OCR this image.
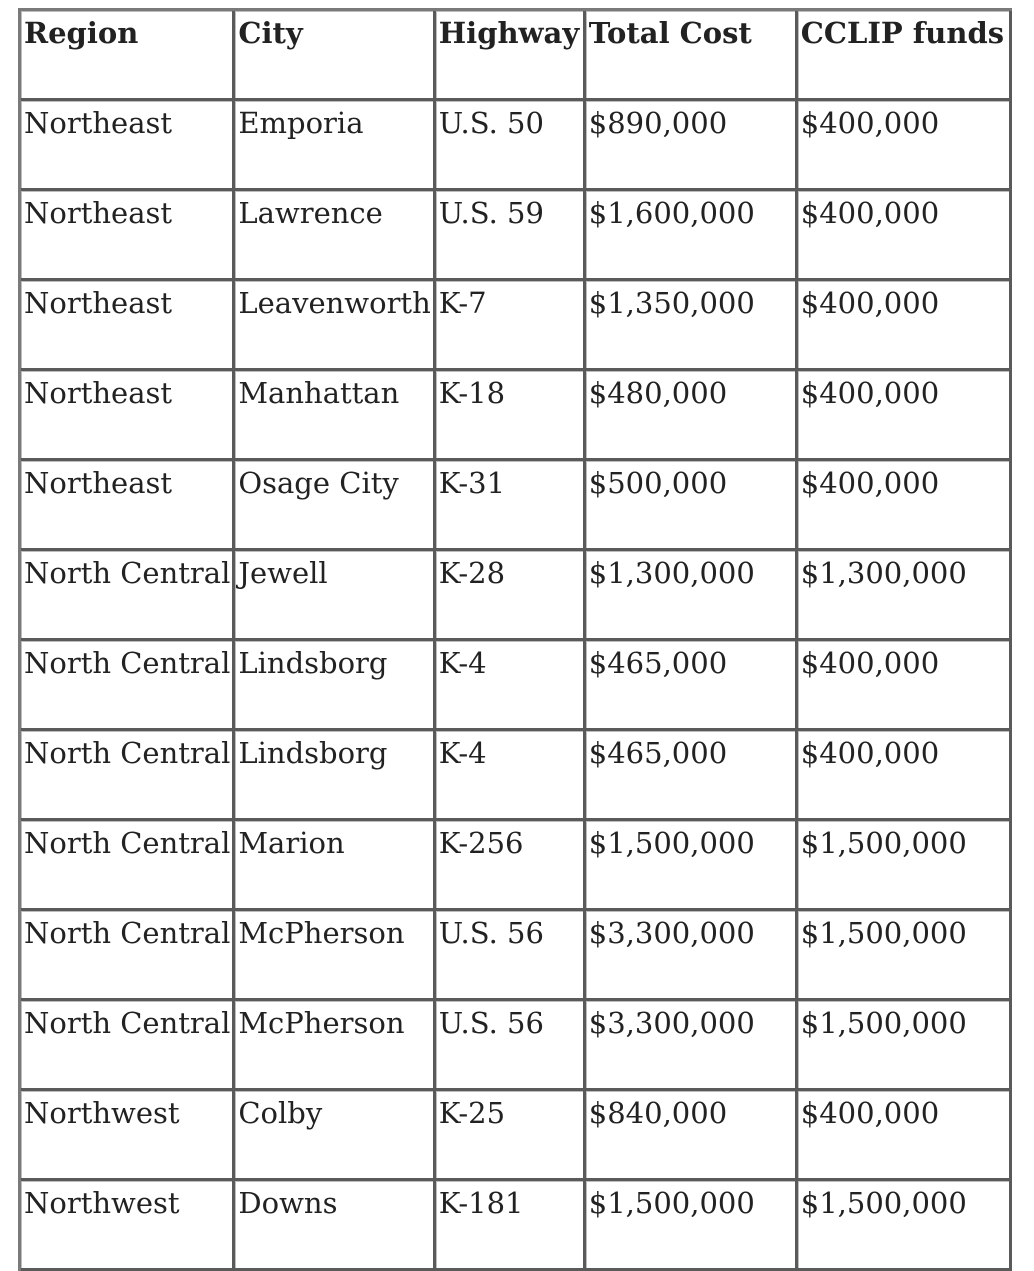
Region	City	Highway	Total Cost	CCLIP funds
Northeast	Emporia	U.S. 50	$890,000	$400,000
Northeast	Lawrence	U.S. 59	$1,600,000	$400,000
Northeast	Leavenworth	K-7	$1,350,000	$400,000
Northeast	Manhattan	K-18	$480,000	$400,000
Northeast	Osage City	K-31	$500,000	$400,000
North Central	Jewell	K-28	$1,300,000	$1,300,000
North Central	Lindsborg	K-4	$465,000	$400,000
North Central	Lindsborg	K-4	$465,000	$400,000
North Central	Marion	K-256	$1,500,000	$1,500,000
North Central	McPherson	U.S. 56	$3,300,000	$1,500,000
North Central	McPherson	U.S. 56	$3,300,000	$1,500,000
Northwest	Colby	K-25	$840,000	$400,000
Northwest	Downs	K-181	$1,500,000	$1,500,000
